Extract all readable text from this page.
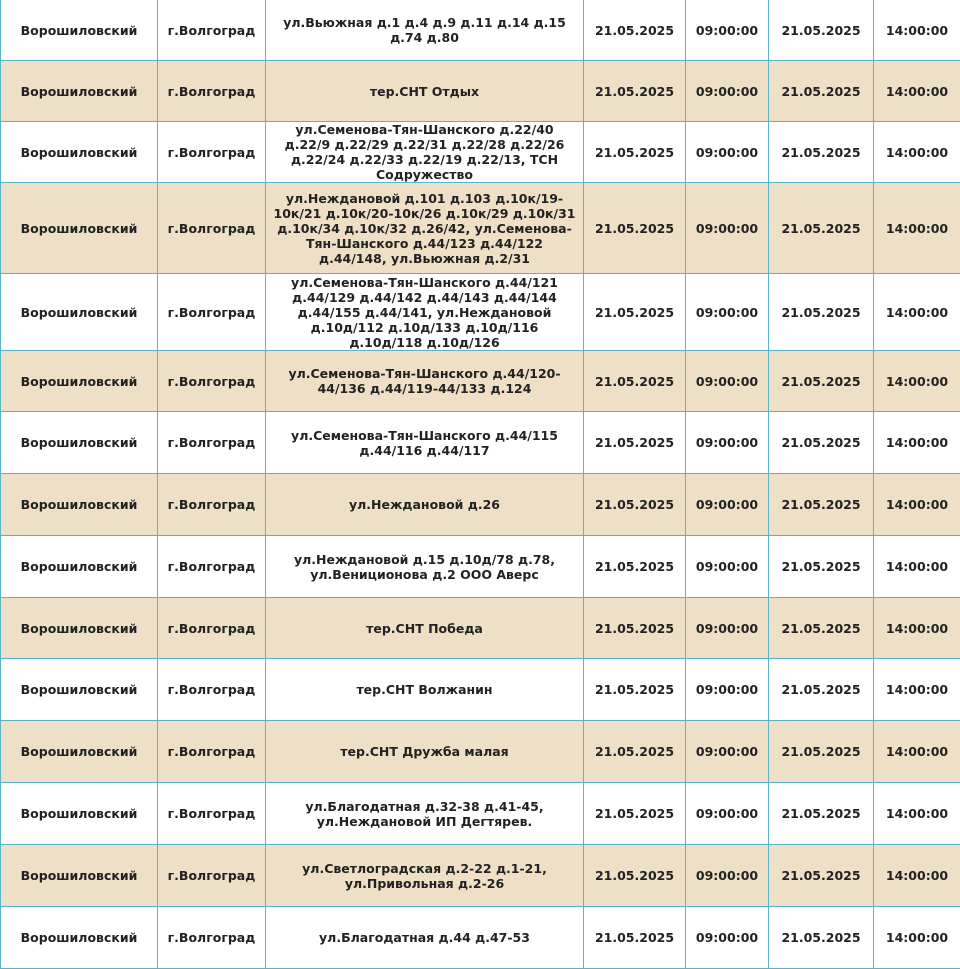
Ворошиловский	г.Волгоград	ул.Вьюжная д.1 д.4 д.9 д.11 д.14 д.15 д.74 д.80	21.05.2025	09:00:00	21.05.2025	14:00:00
Ворошиловский	г.Волгоград	тер.СНТ Отдых	21.05.2025	09:00:00	21.05.2025	14:00:00
Ворошиловский	г.Волгоград	ул.Семенова-Тян-Шанского д.22/40 д.22/9 д.22/29 д.22/31 д.22/28 д.22/26 д.22/24 д.22/33 д.22/19 д.22/13, ТСН Содружество	21.05.2025	09:00:00	21.05.2025	14:00:00
Ворошиловский	г.Волгоград	ул.Неждановой д.101 д.103 д.10к/19-10к/21 д.10к/20-10к/26 д.10к/29 д.10к/31 д.10к/34 д.10к/32 д.26/42, ул.Семенова-Тян-Шанского д.44/123 д.44/122 д.44/148, ул.Вьюжная д.2/31	21.05.2025	09:00:00	21.05.2025	14:00:00
Ворошиловский	г.Волгоград	ул.Семенова-Тян-Шанского д.44/121 д.44/129 д.44/142 д.44/143 д.44/144 д.44/155 д.44/141, ул.Неждановой д.10д/112 д.10д/133 д.10д/116 д.10д/118 д.10д/126	21.05.2025	09:00:00	21.05.2025	14:00:00
Ворошиловский	г.Волгоград	ул.Семенова-Тян-Шанского д.44/120-44/136 д.44/119-44/133 д.124	21.05.2025	09:00:00	21.05.2025	14:00:00
Ворошиловский	г.Волгоград	ул.Семенова-Тян-Шанского д.44/115 д.44/116 д.44/117	21.05.2025	09:00:00	21.05.2025	14:00:00
Ворошиловский	г.Волгоград	ул.Неждановой д.26	21.05.2025	09:00:00	21.05.2025	14:00:00
Ворошиловский	г.Волгоград	ул.Неждановой д.15 д.10д/78 д.78, ул.Вениционова д.2 ООО Аверс	21.05.2025	09:00:00	21.05.2025	14:00:00
Ворошиловский	г.Волгоград	тер.СНТ Победа	21.05.2025	09:00:00	21.05.2025	14:00:00
Ворошиловский	г.Волгоград	тер.СНТ Волжанин	21.05.2025	09:00:00	21.05.2025	14:00:00
Ворошиловский	г.Волгоград	тер.СНТ Дружба малая	21.05.2025	09:00:00	21.05.2025	14:00:00
Ворошиловский	г.Волгоград	ул.Благодатная д.32-38 д.41-45, ул.Неждановой ИП Дегтярев.	21.05.2025	09:00:00	21.05.2025	14:00:00
Ворошиловский	г.Волгоград	ул.Светлоградская д.2-22 д.1-21, ул.Привольная д.2-26	21.05.2025	09:00:00	21.05.2025	14:00:00
Ворошиловский	г.Волгоград	ул.Благодатная д.44 д.47-53	21.05.2025	09:00:00	21.05.2025	14:00:00
